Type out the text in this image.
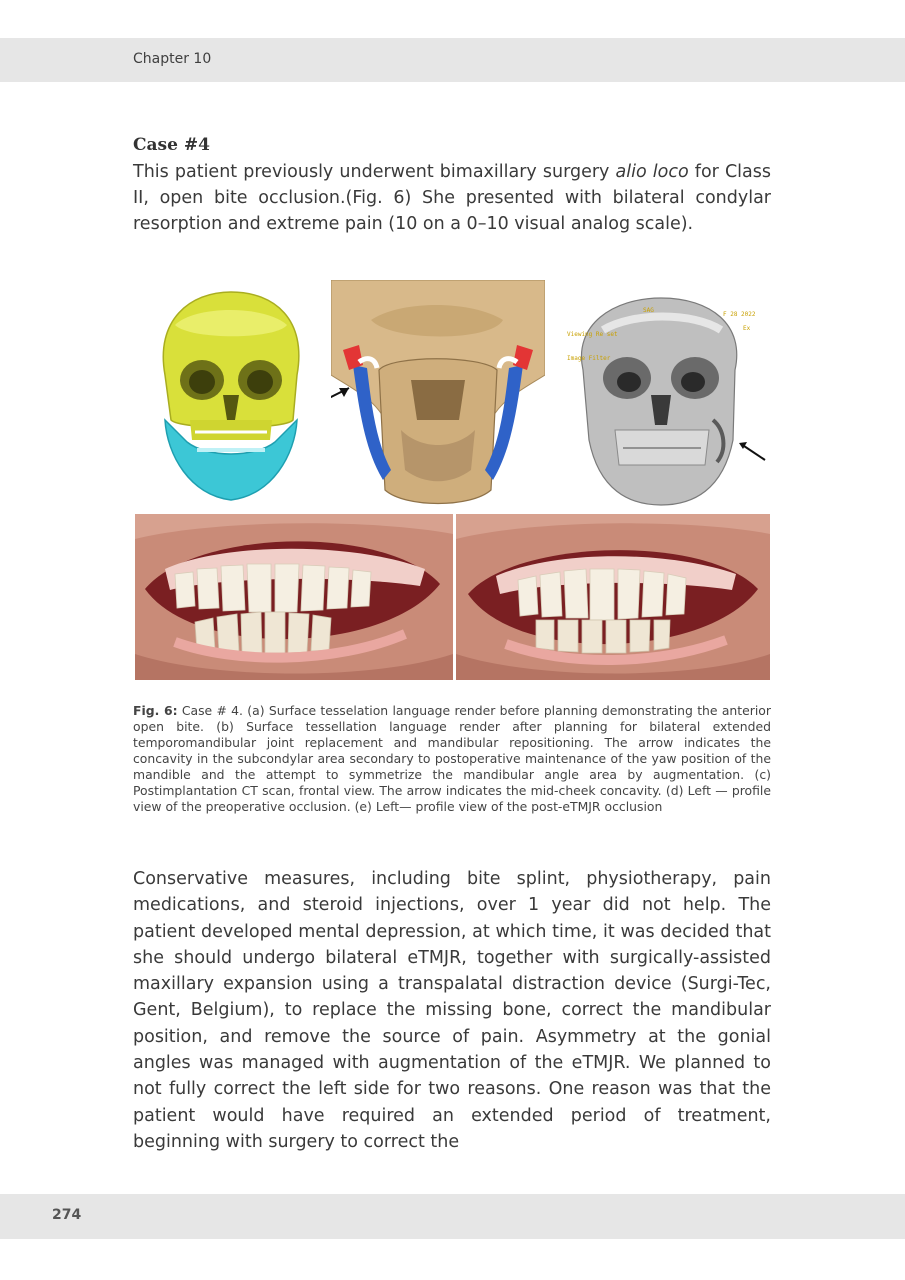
Chapter 10
Case #4
This patient previously underwent bimaxillary surgery alio loco for Class II, open bite occlusion.(Fig. 6) She presented with bilateral condylar resorption and extreme pain (10 on a 0–10 visual analog scale).
SAG
F 28 2022
Ex
Viewing Re set
Image Filter
Fig. 6: Case # 4. (a) Surface tesselation language render before planning demonstrating the anterior open bite. (b) Surface tessellation language render after planning for bilateral extended temporomandibular joint replacement and mandibular repositioning. The arrow indicates the concavity in the subcondylar area secondary to postoperative maintenance of the yaw position of the mandible and the attempt to symmetrize the mandibular angle area by augmentation. (c) Postimplantation CT scan, frontal view. The arrow indicates the mid-cheek concavity. (d) Left — profile view of the preoperative occlusion. (e) Left— profile view of the post-eTMJR occlusion

Conservative measures, including bite splint, physiotherapy, pain medications, and steroid injections, over 1 year did not help. The patient developed mental depression, at which time, it was decided that she should undergo bilateral eTMJR, together with surgically-assisted maxillary expansion using a transpalatal distraction device (Surgi-Tec, Gent, Belgium), to replace the missing bone, correct the mandibular position, and remove the source of pain. Asymmetry at the gonial angles was managed with augmentation of the eTMJR. We planned to not fully correct the left side for two reasons. One reason was that the patient would have required an extended period of treatment, beginning with surgery to correct the

274
